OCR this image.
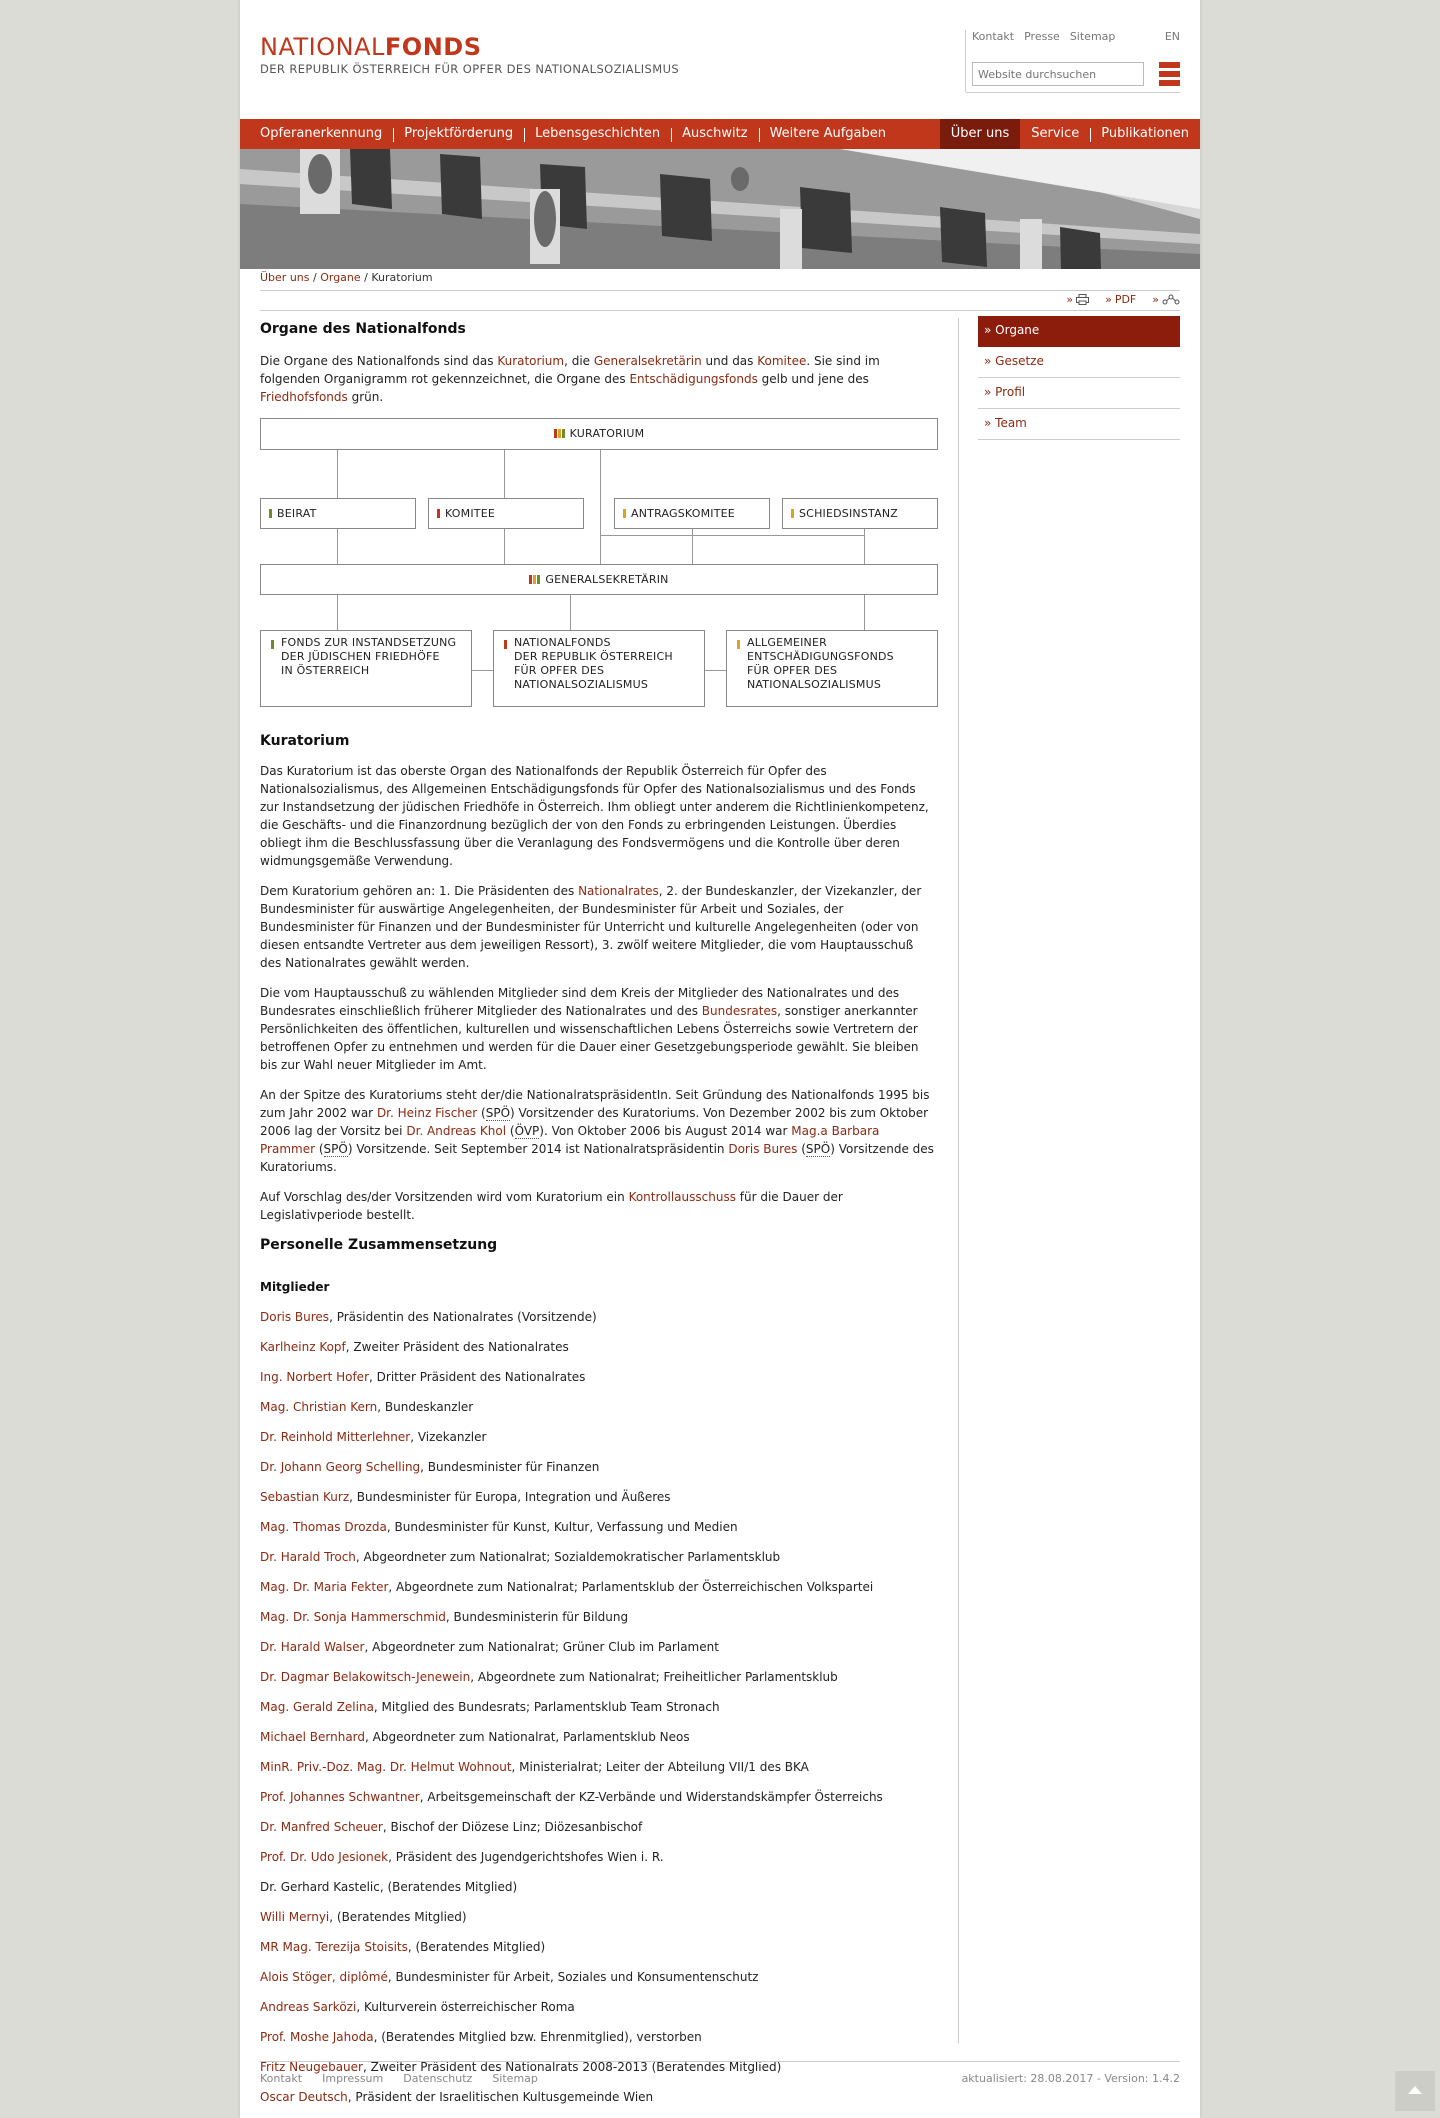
NATIONALFONDS
DER REPUBLIK ÖSTERREICH FÜR OPFER DES NATIONALSOZIALISMUS
Kontakt Presse Sitemap	EN
Website durchsuchen
Opferanerkennung	Projektförderung	Lebensgeschichten	Auschwitz	Weitere Aufgaben	Über uns	Service	Publikationen
Über uns / Organe / Kuratorium
»	» PDF »
Organe des Nationalfonds

Die Organe des Nationalfonds sind das Kuratorium, die Generalsekretärin und das Komitee. Sie sind im folgenden Organigramm rot gekennzeichnet, die Organe des Entschädigungsfonds gelb und jene des Friedhofsfonds grün.

KURATORIUM
BEIRAT	KOMITEE	ANTRAGSKOMITEE	SCHIEDSINSTANZ
GENERALSEKRETÄRIN
FONDS ZUR INSTANDSETZUNG
DER JÜDISCHEN FRIEDHÖFE
IN ÖSTERREICH
NATIONALFONDS
DER REPUBLIK ÖSTERREICH
FÜR OPFER DES
NATIONALSOZIALISMUS
ALLGEMEINER
ENTSCHÄDIGUNGSFONDS
FÜR OPFER DES
NATIONALSOZIALISMUS
Kuratorium

Das Kuratorium ist das oberste Organ des Nationalfonds der Republik Österreich für Opfer des Nationalsozialismus, des Allgemeinen Entschädigungsfonds für Opfer des Nationalsozialismus und des Fonds zur Instandsetzung der jüdischen Friedhöfe in Österreich. Ihm obliegt unter anderem die Richtlinienkompetenz, die Geschäfts- und die Finanzordnung bezüglich der von den Fonds zu erbringenden Leistungen. Überdies obliegt ihm die Beschlussfassung über die Veranlagung des Fondsvermögens und die Kontrolle über deren widmungsgemäße Verwendung.

Dem Kuratorium gehören an: 1. Die Präsidenten des Nationalrates, 2. der Bundeskanzler, der Vizekanzler, der Bundesminister für auswärtige Angelegenheiten, der Bundesminister für Arbeit und Soziales, der Bundesminister für Finanzen und der Bundesminister für Unterricht und kulturelle Angelegenheiten (oder von diesen entsandte Vertreter aus dem jeweiligen Ressort), 3. zwölf weitere Mitglieder, die vom Hauptausschuß des Nationalrates gewählt werden.

Die vom Hauptausschuß zu wählenden Mitglieder sind dem Kreis der Mitglieder des Nationalrates und des Bundesrates einschließlich früherer Mitglieder des Nationalrates und des Bundesrates, sonstiger anerkannter Persönlichkeiten des öffentlichen, kulturellen und wissenschaftlichen Lebens Österreichs sowie Vertretern der betroffenen Opfer zu entnehmen und werden für die Dauer einer Gesetzgebungsperiode gewählt. Sie bleiben bis zur Wahl neuer Mitglieder im Amt.

An der Spitze des Kuratoriums steht der/die NationalratspräsidentIn. Seit Gründung des Nationalfonds 1995 bis zum Jahr 2002 war Dr. Heinz Fischer (SPÖ) Vorsitzender des Kuratoriums. Von Dezember 2002 bis zum Oktober 2006 lag der Vorsitz bei Dr. Andreas Khol (ÖVP). Von Oktober 2006 bis August 2014 war Mag.a Barbara Prammer (SPÖ) Vorsitzende. Seit September 2014 ist Nationalratspräsidentin Doris Bures (SPÖ) Vorsitzende des Kuratoriums.

Auf Vorschlag des/der Vorsitzenden wird vom Kuratorium ein Kontrollausschuss für die Dauer der Legislativperiode bestellt.

Personelle Zusammensetzung
Mitglieder

Doris Bures, Präsidentin des Nationalrates (Vorsitzende)

Karlheinz Kopf, Zweiter Präsident des Nationalrates

Ing. Norbert Hofer, Dritter Präsident des Nationalrates

Mag. Christian Kern, Bundeskanzler

Dr. Reinhold Mitterlehner, Vizekanzler

Dr. Johann Georg Schelling, Bundesminister für Finanzen

Sebastian Kurz, Bundesminister für Europa, Integration und Äußeres

Mag. Thomas Drozda, Bundesminister für Kunst, Kultur, Verfassung und Medien

Dr. Harald Troch, Abgeordneter zum Nationalrat; Sozialdemokratischer Parlamentsklub

Mag. Dr. Maria Fekter, Abgeordnete zum Nationalrat; Parlamentsklub der Österreichischen Volkspartei

Mag. Dr. Sonja Hammerschmid, Bundesministerin für Bildung

Dr. Harald Walser, Abgeordneter zum Nationalrat; Grüner Club im Parlament

Dr. Dagmar Belakowitsch-Jenewein, Abgeordnete zum Nationalrat; Freiheitlicher Parlamentsklub

Mag. Gerald Zelina, Mitglied des Bundesrats; Parlamentsklub Team Stronach

Michael Bernhard, Abgeordneter zum Nationalrat, Parlamentsklub Neos

MinR. Priv.-Doz. Mag. Dr. Helmut Wohnout, Ministerialrat; Leiter der Abteilung VII/1 des BKA

Prof. Johannes Schwantner, Arbeitsgemeinschaft der KZ-Verbände und Widerstandskämpfer Österreichs

Dr. Manfred Scheuer, Bischof der Diözese Linz; Diözesanbischof

Prof. Dr. Udo Jesionek, Präsident des Jugendgerichtshofes Wien i. R.

Dr. Gerhard Kastelic, (Beratendes Mitglied)

Willi Mernyi, (Beratendes Mitglied)

MR Mag. Terezija Stoisits, (Beratendes Mitglied)

Alois Stöger, diplômé, Bundesminister für Arbeit, Soziales und Konsumentenschutz

Andreas Sarközi, Kulturverein österreichischer Roma

Prof. Moshe Jahoda, (Beratendes Mitglied bzw. Ehrenmitglied), verstorben

Fritz Neugebauer, Zweiter Präsident des Nationalrats 2008-2013 (Beratendes Mitglied)

Oscar Deutsch, Präsident der Israelitischen Kultusgemeinde Wien

» Organe
» Gesetze
» Profil
» Team
Kontakt Impressum Datenschutz Sitemap	aktualisiert: 28.08.2017 - Version: 1.4.2
